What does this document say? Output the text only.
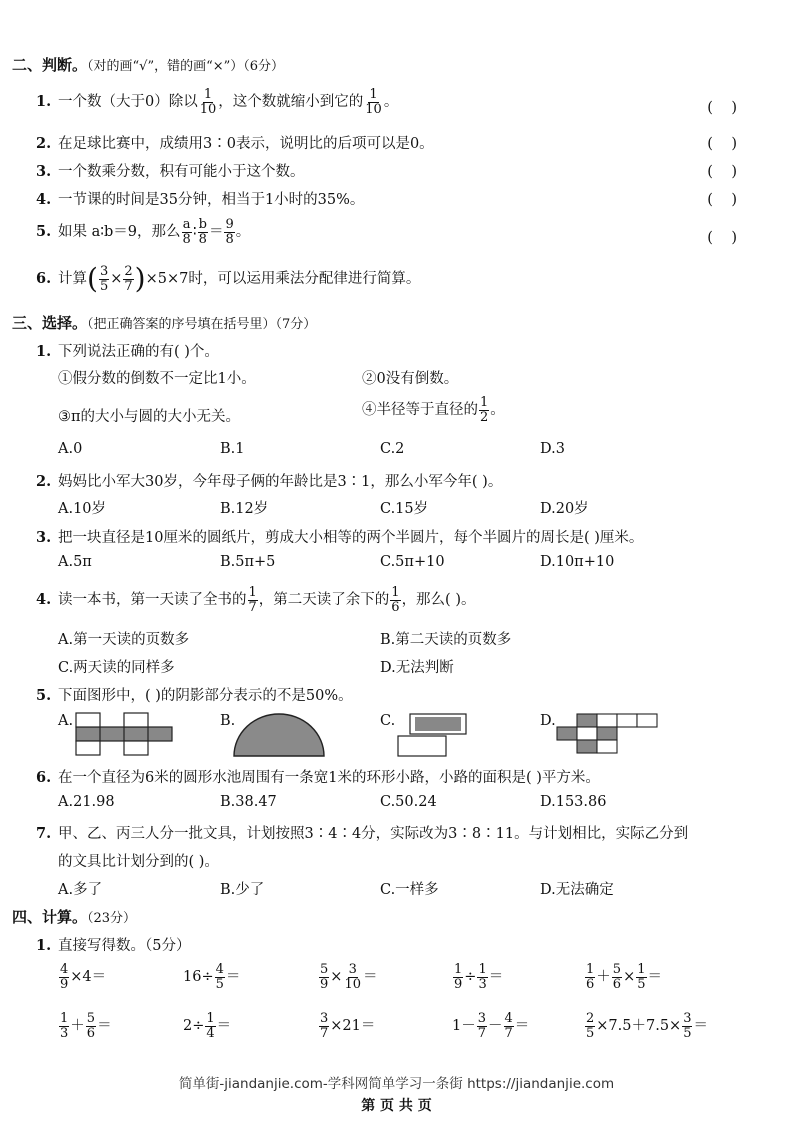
二、判断。（对的画“√”，错的画“×”）（6分）
1. 一个数（大于0）除以 $\frac{1}{10}$ ，这个数就缩小到它的 $\frac{1}{10}$ 。	(    )
2. 在足球比赛中，成绩用3∶0表示，说明比的后项可以是0。	(    )
3. 一个数乘分数，积有可能小于这个数。	(    )
4. 一节课的时间是35分钟，相当于1小时的35%。	(    )
5. 如果 a∶b＝9，那么 $\frac{a}{8}$ ∶ $\frac{b}{8} = \frac{9}{8}$ 。	(    )
6. 计算( $\frac{3}{5} \times \frac{2}{7} )\times 5\times 7$时，可以运用乘法分配律进行简算。
三、选择。（把正确答案的序号填在括号里）（7分）
1. 下列说法正确的有( )个。
①假分数的倒数不一定比1小。	②0没有倒数。
③π的大小与圆的大小无关。	④半径等于直径的 $\frac{1}{2}$ 。
A.0	B.1	C.2	D.3
2. 妈妈比小军大30岁，今年母子俩的年龄比是3∶1，那么小军今年( )。
A.10岁	B.12岁	C.15岁	D.20岁
3. 把一块直径是10厘米的圆纸片，剪成大小相等的两个半圆片，每个半圆片的周长是( )厘米。
A.5π	B.5π+5	C.5π+10	D.10π+10
4. 读一本书，第一天读了全书的 $\frac{1}{7}$ ，第二天读了余下的 $\frac{1}{6}$ ，那么( )。
A.第一天读的页数多	B.第二天读的页数多
C.两天读的同样多	D.无法判断
5. 下面图形中，( )的阴影部分表示的不是50%。
A.	B.	C.	D.
6. 在一个直径为6米的圆形水池周围有一条宽1米的环形小路，小路的面积是( )平方米。
A.21.98	B.38.47	C.50.24	D.153.86
7. 甲、乙、丙三人分一批文具，计划按照3∶4∶4分，实际改为3∶8∶11。与计划相比，实际乙分到
的文具比计划分到的( )。
A.多了	B.少了	C.一样多	D.无法确定
四、计算。（23分）
1. 直接写得数。（5分）
$\frac{4}{9} \times 4=$	$16\div \frac{4}{5}$ ＝	$\frac{5}{9} \times \frac{3}{10}$ ＝	$\frac{1}{9} \div \frac{1}{3}$ ＝	$\frac{1}{6} + \frac{5}{6} \times \frac{1}{5}$ ＝
$\frac{1}{3} + \frac{5}{6}$ ＝	$2\div \frac{1}{4}$ ＝	$\frac{3}{7} \times 21=$	$1- \frac{3}{7} - \frac{4}{7}$ ＝	$\frac{2}{5} \times 7.5+7.5\times \frac{3}{5}$ ＝
简单街-jiandanjie.com-学科网简单学习一条街 https://jiandanjie.com
第 页 共 页
